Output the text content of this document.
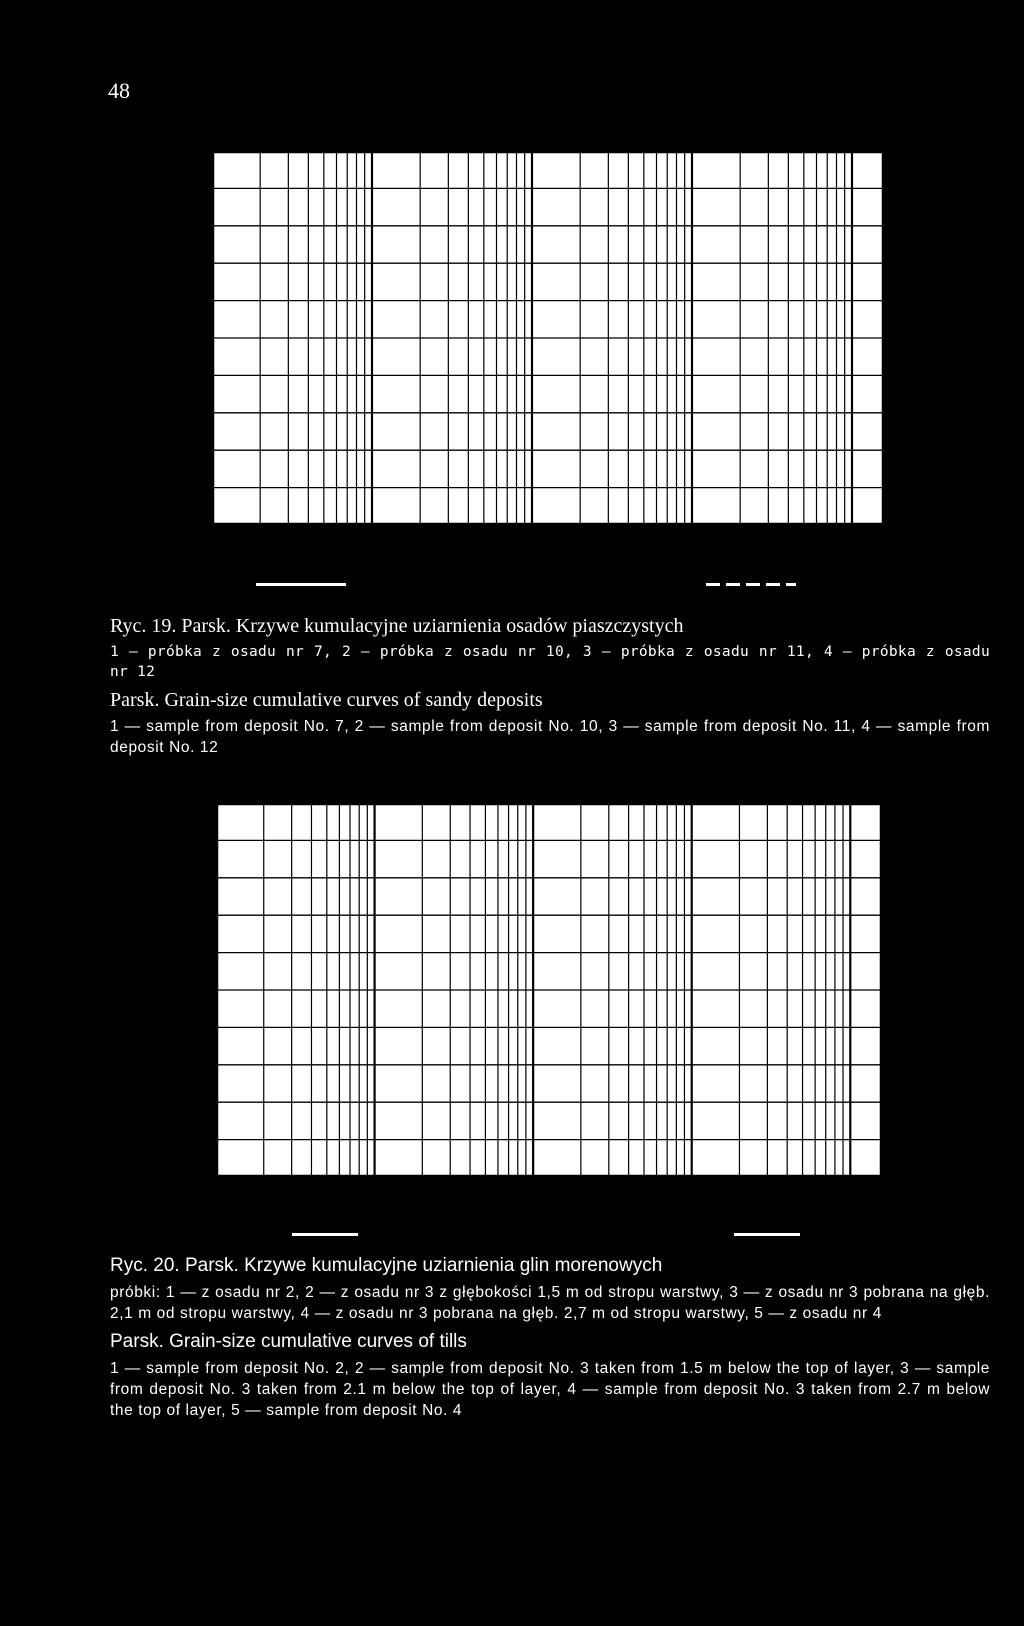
48
Ryc. 19. Parsk. Krzywe kumulacyjne uziarnienia osadów piaszczystych
1 — próbka z osadu nr 7, 2 — próbka z osadu nr 10, 3 — próbka z osadu nr 11, 4 — próbka z osadu nr 12
Parsk. Grain-size cumulative curves of sandy deposits
1 — sample from deposit No. 7, 2 — sample from deposit No. 10, 3 — sample from deposit No. 11, 4 — sample from deposit No. 12
Ryc. 20. Parsk. Krzywe kumulacyjne uziarnienia glin morenowych
próbki: 1 — z osadu nr 2, 2 — z osadu nr 3 z głębokości 1,5 m od stropu warstwy, 3 — z osadu nr 3 pobrana na głęb. 2,1 m od stropu warstwy, 4 — z osadu nr 3 pobrana na głęb. 2,7 m od stropu warstwy, 5 — z osadu nr 4
Parsk. Grain-size cumulative curves of tills
1 — sample from deposit No. 2, 2 — sample from deposit No. 3 taken from 1.5 m below the top of layer, 3 — sample from deposit No. 3 taken from 2.1 m below the top of layer, 4 — sample from deposit No. 3 taken from 2.7 m below the top of layer, 5 — sample from deposit No. 4
